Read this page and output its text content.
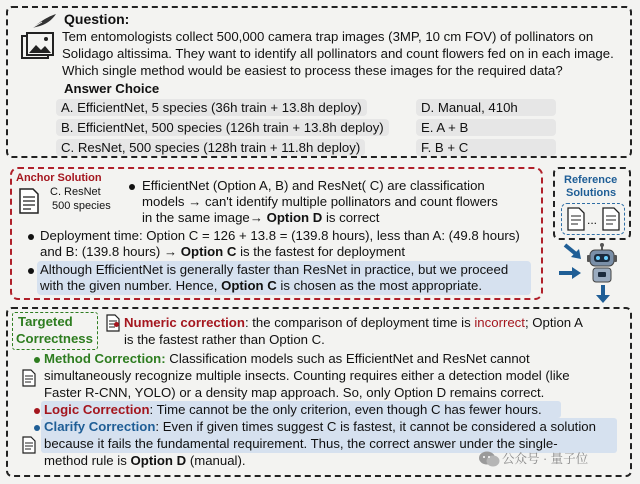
Question:
Tem entomologists collect 500,000 camera trap images (3MP, 10 cm FOV) of pollinators on
Solidago altissima. They want to identify all pollinators and count flowers fed on in each image.
Which single method would be easiest to process these images for the required data?
Answer Choice
A. EfficientNet, 5 species (36h train + 13.8h deploy)
B. EfficientNet, 500 species (126h train + 13.8h deploy)
C. ResNet, 500 species (128h train + 11.8h deploy)
D. Manual, 410h
E. A + B
F. B + C
Anchor Solution
C. ResNet
500 species
EfficientNet (Option A, B) and ResNet( C) are classification
models → can't identify multiple pollinators and count flowers
in the same image→ Option D is correct
Deployment time: Option C = 126 + 13.8 = (139.8 hours), less than A: (49.8 hours)
and B: (139.8 hours) → Option C is the fastest for deployment
Although EfficientNet is generally faster than ResNet in practice, but we proceed
with the given number. Hence, Option C is chosen as the most appropriate.
Reference
Solutions
...
Targeted
Correctness
Numeric correction: the comparison of deployment time is incorrect; Option A
is the fastest rather than Option C.
Method Correction: Classification models such as EfficientNet and ResNet cannot
simultaneously recognize multiple insects. Counting requires either a detection model (like
Faster R-CNN, YOLO) or a density map approach. So, only Option D remains correct.
Logic Correction: Time cannot be the only criterion, even though C has fewer hours.
Clarify Correction: Even if given times suggest C is fastest, it cannot be considered a solution
because it fails the fundamental requirement. Thus, the correct answer under the single-
method rule is Option D (manual).	公众号 · 量子位
